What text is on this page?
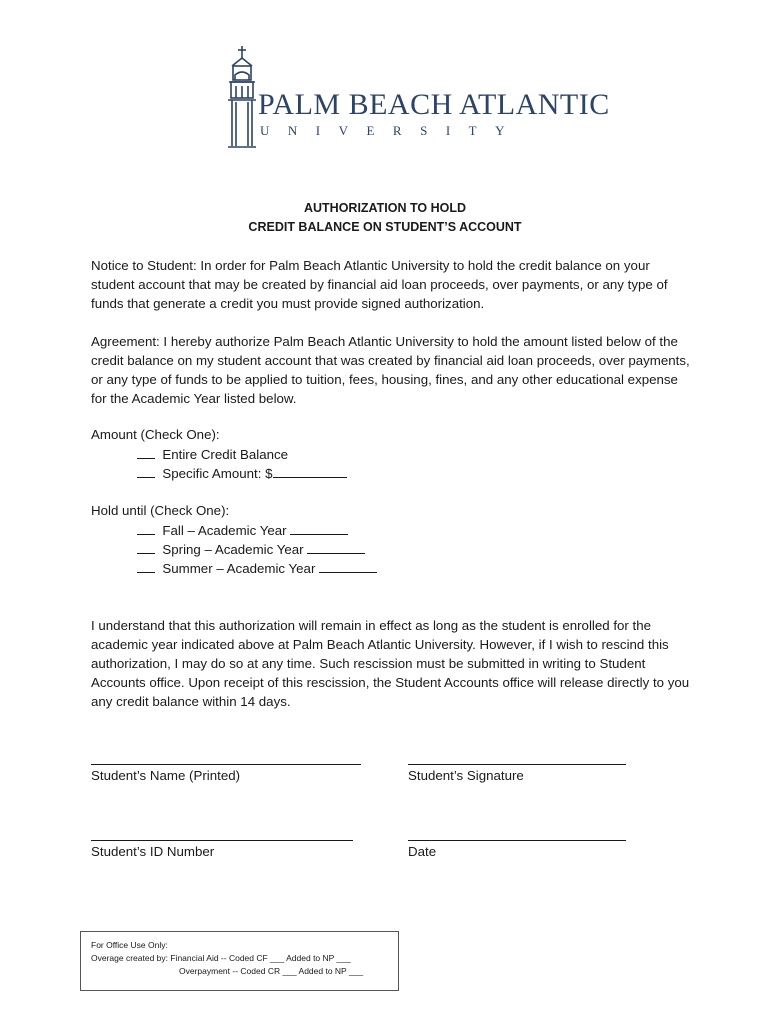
PALM BEACH ATLANTIC
UNIVERSITY
AUTHORIZATION TO HOLD
CREDIT BALANCE ON STUDENT’S ACCOUNT

Notice to Student: In order for Palm Beach Atlantic University to hold the credit balance on your student account that may be created by financial aid loan proceeds, over payments, or any type of funds that generate a credit you must provide signed authorization.

Agreement: I hereby authorize Palm Beach Atlantic University to hold the amount listed below of the credit balance on my student account that was created by financial aid loan proceeds, over payments, or any type of funds to be applied to tuition, fees, housing, fines, and any other educational expense for the Academic Year listed below.

Amount (Check One):
Entire Credit Balance
Specific Amount: $
Hold until (Check One):
Fall – Academic Year
Spring – Academic Year
Summer – Academic Year

I understand that this authorization will remain in effect as long as the student is enrolled for the academic year indicated above at Palm Beach Atlantic University. However, if I wish to rescind this authorization, I may do so at any time. Such rescission must be submitted in writing to Student Accounts office. Upon receipt of this rescission, the Student Accounts office will release directly to you any credit balance within 14 days.

Student’s Name (Printed)	Student’s Signature
Student’s ID Number	Date
For Office Use Only:
Overage created by: Financial Aid -- Coded CF ___ Added to NP ___
Overpayment -- Coded CR ___ Added to NP ___
